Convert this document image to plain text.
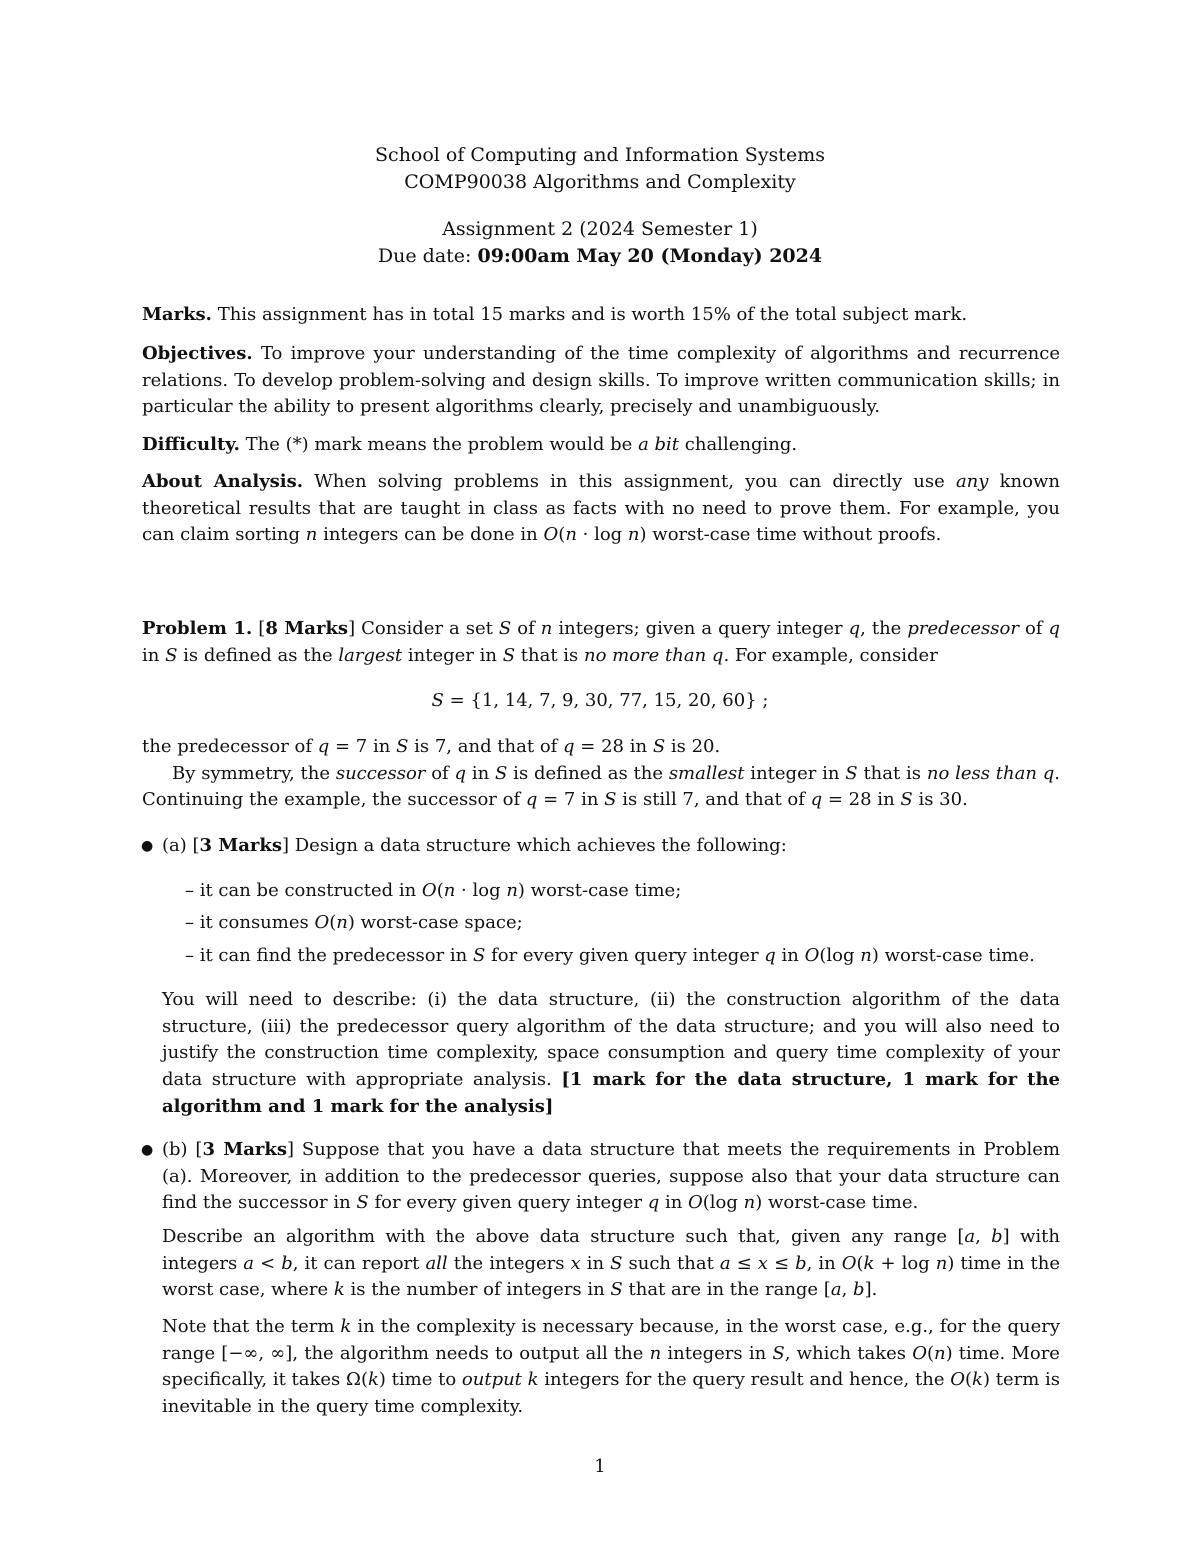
School of Computing and Information Systems
COMP90038 Algorithms and Complexity
Assignment 2 (2024 Semester 1)
Due date: 09:00am May 20 (Monday) 2024
Marks. This assignment has in total 15 marks and is worth 15% of the total subject mark.
Objectives. To improve your understanding of the time complexity of algorithms and recurrence relations. To develop problem-solving and design skills. To improve written communication skills; in particular the ability to present algorithms clearly, precisely and unambiguously.
Difficulty. The (*) mark means the problem would be a bit challenging.
About Analysis. When solving problems in this assignment, you can directly use any known theoretical results that are taught in class as facts with no need to prove them. For example, you can claim sorting n integers can be done in O(n · log n) worst-case time without proofs.
Problem 1. [8 Marks] Consider a set S of n integers; given a query integer q, the predecessor of q in S is defined as the largest integer in S that is no more than q. For example, consider
S = {1, 14, 7, 9, 30, 77, 15, 20, 60} ;
the predecessor of q = 7 in S is 7, and that of q = 28 in S is 20.
By symmetry, the successor of q in S is defined as the smallest integer in S that is no less than q. Continuing the example, the successor of q = 7 in S is still 7, and that of q = 28 in S is 30.
● (a) [3 Marks] Design a data structure which achieves the following:
– it can be constructed in O(n · log n) worst-case time;
– it consumes O(n) worst-case space;
– it can find the predecessor in S for every given query integer q in O(log n) worst-case time.
You will need to describe: (i) the data structure, (ii) the construction algorithm of the data structure, (iii) the predecessor query algorithm of the data structure; and you will also need to justify the construction time complexity, space consumption and query time complexity of your data structure with appropriate analysis. [1 mark for the data structure, 1 mark for the algorithm and 1 mark for the analysis]
● (b) [3 Marks] Suppose that you have a data structure that meets the requirements in Problem (a). Moreover, in addition to the predecessor queries, suppose also that your data structure can find the successor in S for every given query integer q in O(log n) worst-case time.
Describe an algorithm with the above data structure such that, given any range [a, b] with integers a < b, it can report all the integers x in S such that a ≤ x ≤ b, in O(k + log n) time in the worst case, where k is the number of integers in S that are in the range [a, b].
Note that the term k in the complexity is necessary because, in the worst case, e.g., for the query range [−∞, ∞], the algorithm needs to output all the n integers in S, which takes O(n) time. More specifically, it takes Ω(k) time to output k integers for the query result and hence, the O(k) term is inevitable in the query time complexity.
1
